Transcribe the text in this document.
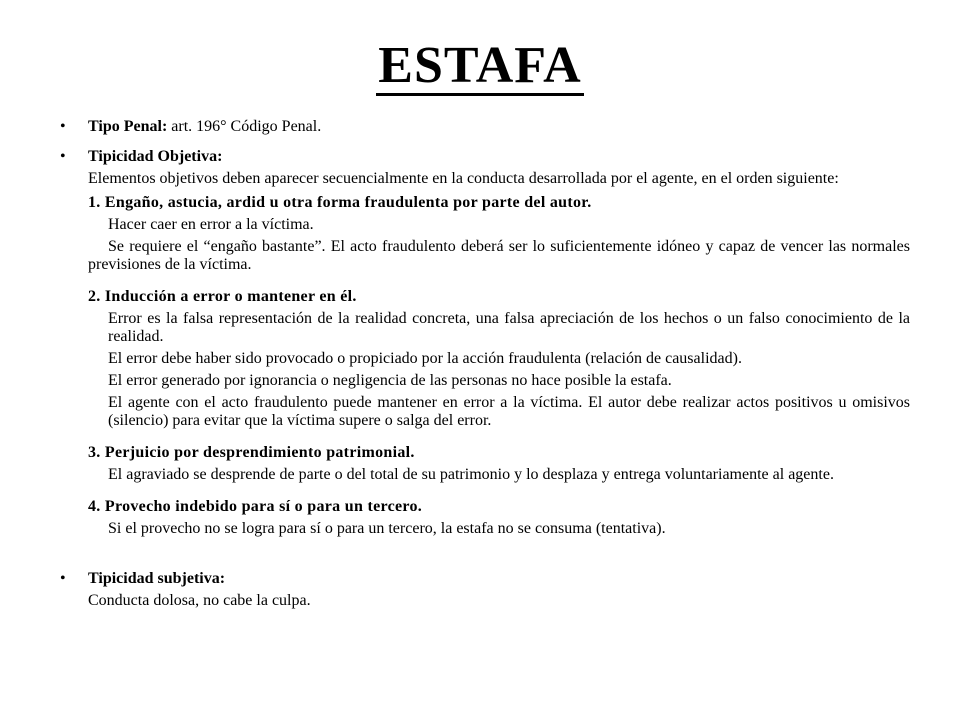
ESTAFA
•	Tipo Penal: art. 196° Código Penal.
•	Tipicidad Objetiva:
Elementos objetivos deben aparecer secuencialmente en la conducta desarrollada por el agente, en el orden siguiente:
1. Engaño, astucia, ardid u otra forma fraudulenta por parte del autor.
Hacer caer en error a la víctima.
Se requiere el “engaño bastante”. El acto fraudulento deberá ser lo suficientemente idóneo y capaz de vencer las normales previsiones de la víctima.
2. Inducción a error o mantener en él.
Error es la falsa representación de la realidad concreta, una falsa apreciación de los hechos o un falso conocimiento de la realidad.
El error debe haber sido provocado o propiciado por la acción fraudulenta (relación de causalidad).
El error generado por ignorancia o negligencia de las personas no hace posible la estafa.
El agente con el acto fraudulento puede mantener en error a la víctima. El autor debe realizar actos positivos u omisivos (silencio) para evitar que la víctima supere o salga del error.
3. Perjuicio por desprendimiento patrimonial.
El agraviado se desprende de parte o del total de su patrimonio y lo desplaza y entrega voluntariamente al agente.
4. Provecho indebido para sí o para un tercero.
Si el provecho no se logra para sí o para un tercero, la estafa no se consuma (tentativa).
•	Tipicidad subjetiva:
Conducta dolosa, no cabe la culpa.
